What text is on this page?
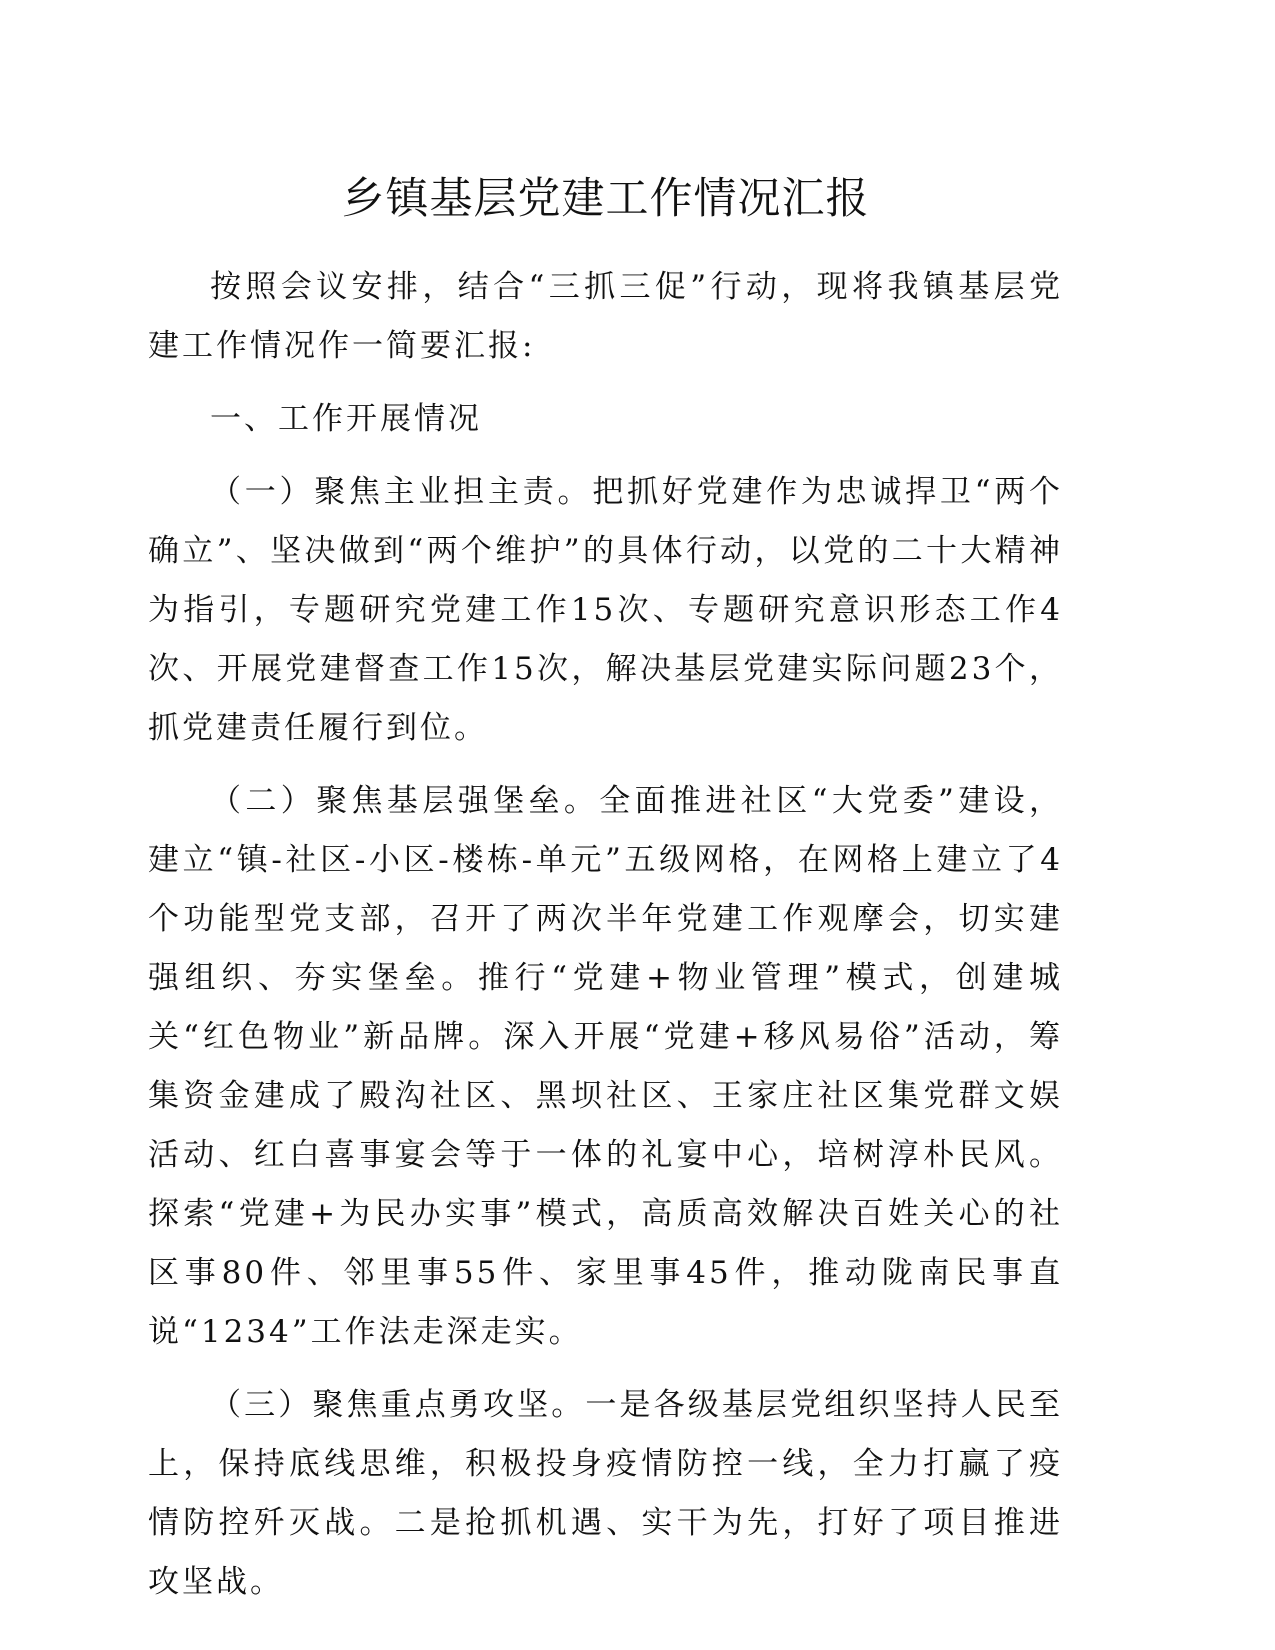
乡镇基层党建工作情况汇报

按照会议安排，结合“三抓三促”行动，现将我镇基层党建工作情况作一简要汇报:

一、工作开展情况

（一）聚焦主业担主责。把抓好党建作为忠诚捍卫“两个确立”、坚决做到“两个维护”的具体行动，以党的二十大精神为指引，专题研究党建工作15次、专题研究意识形态工作4次、开展党建督查工作15次，解决基层党建实际问题23个，抓党建责任履行到位。

（二）聚焦基层强堡垒。全面推进社区“大党委”建设，建立“镇-社区-小区-楼栋-单元”五级网格，在网格上建立了4个功能型党支部，召开了两次半年党建工作观摩会，切实建强组织、夯实堡垒。推行“党建+物业管理”模式，创建城关“红色物业”新品牌。深入开展“党建+移风易俗”活动，筹集资金建成了殿沟社区、黑坝社区、王家庄社区集党群文娱活动、红白喜事宴会等于一体的礼宴中心，培树淳朴民风。探索“党建+为民办实事”模式，高质高效解决百姓关心的社区事80件、邻里事55件、家里事45件，推动陇南民事直说“1234”工作法走深走实。

（三）聚焦重点勇攻坚。一是各级基层党组织坚持人民至上，保持底线思维，积极投身疫情防控一线，全力打赢了疫情防控歼灭战。二是抢抓机遇、实干为先，打好了项目推进攻坚战。
